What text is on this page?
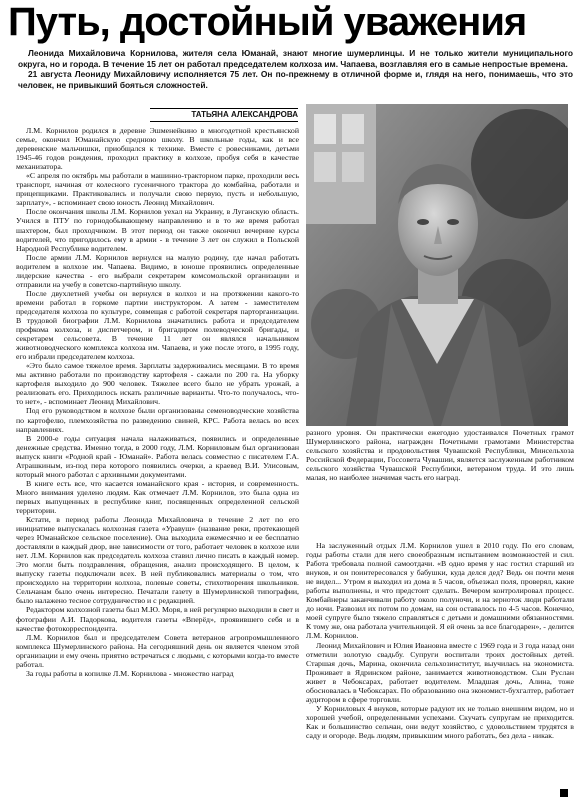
Путь, достойный уважения

Леонида Михайловича Корнилова, жителя села Юманай, знают многие шумерлинцы. И не только жители муниципального округа, но и города. В течение 15 лет он работал председателем колхоза им. Чапаева, возглавляя его в самые непростые времена.

21 августа Леониду Михайловичу исполняется 75 лет. Он по-прежнему в отличной форме и, глядя на него, понимаешь, что это человек, не привыкший бояться сложностей.

ТАТЬЯНА АЛЕКСАНДРОВА

Л.М. Корнилов родился в деревне Эшменейкино в многодетной крестьянской семье, окончил Юманайскую среднюю школу. В школьные годы, как и все деревенские мальчишки, приобщался к технике. Вместе с ровесниками, детьми 1945-46 годов рождения, проходил практику в колхозе, пробуя себя в качестве механизатора.

«С апреля по октябрь мы работали в машинно-тракторном парке, проходили весь транспорт, начиная от колесного гусеничного трактора до комбайна, работали и прицепщиками. Практиковались и получали свою первую, пусть и небольшую, зарплату», - вспоминает свою юность Леонид Михайлович.

После окончания школы Л.М. Корнилов уехал на Украину, в Луганскую область. Учился в ПТУ по горнодобывающему направлению и в то же время работал шахтером, был проходчиком. В этот период он также окончил вечерние курсы водителей, что пригодилось ему в армии - в течение 3 лет он служил в Польской Народной Республике водителем.

После армии Л.М. Корнилов вернулся на малую родину, где начал работать водителем в колхозе им. Чапаева. Видимо, в юноше проявились определенные лидерские качества - его выбрали секретарем комсомольской организации и отправили на учебу в советско-партийную школу.

После двухлетней учебы он вернулся в колхоз и на протяжении какого-то времени работал в горкоме партии инструктором. А затем - заместителем председателя колхоза по культуре, совмещая с работой секретаря парторганизации. В трудовой биографии Л.М. Корнилова значатились работа и председателем профкома колхоза, и диспетчером, и бригадиром полеводческой бригады, и секретарем сельсовета. В течение 11 лет он являлся начальником животноводческого комплекса колхоза им. Чапаева, и уже после этого, в 1995 году, его избрали председателем колхоза.

«Это было самое тяжелое время. Зарплаты задерживались месяцами. В то время мы активно работали по производству картофеля - сажали по 200 га. На уборку картофеля выходило до 900 человек. Тяжелее всего было не убрать урожай, а реализовать его. Приходилось искать различные варианты. Что-то получалось, что-то нет», - вспоминает Леонид Михайлович.

Под его руководством в колхозе были организованы семеноводческие хозяйства по картофелю, племхозяйства по разведению свиней, КРС. Работа велась во всех направлениях.

В 2000-е годы ситуация начала налаживаться, появились и определенные денежные средства. Именно тогда, в 2000 году, Л.М. Корниловым был организован выпуск книги «Родной край - Юманай». Работа велась совместно с писателем Г.А. Атрашкиным, из-под пера которого появились очерки, а краевед В.И. Улисовым, который много работал с архивными документами.

В книге есть все, что касается юманайского края - история, и современность. Много внимания уделено людям. Как отмечает Л.М. Корнилов, это была одна из первых выпущенных в республике книг, посвященных определенной сельской территории.

Кстати, в период работы Леонида Михайловича в течение 2 лет по его инициативе выпускалась колхозная газета «Уравуш» (название реки, протекающей через Юманайское сельское поселение). Она выходила ежемесячно и ее бесплатно доставляли в каждый двор, вне зависимости от того, работает человек в колхозе или нет. Л.М. Корнилов как председатель колхоза ставил лично писать в каждый номер. Это могли быть поздравления, обращения, анализ происходящего. В целом, к выпуску газеты подключали всех. В ней публиковались материалы о том, что происходило на территории колхоза, полевые советы, стихотворения школьников. Сельчанам было очень интересно. Печатали газету в Шумерлинской типографии, было налажено тесное сотрудничество и с редакцией.

Редактором колхозной газеты был М.Ю. Моря, в ней регулярно выходили в свет и фотографии А.И. Падоркова, водителя газеты «Вперёд», проявившего себя и в качестве фотокорреспондента.

Л.М. Корнилов был и председателем Совета ветеранов агропромышленного комплекса Шумерлинского района. На сегодняшний день он является членом этой организации и ему очень приятно встречаться с людьми, с которыми когда-то вместе работал.

За годы работы в копилке Л.М. Корнилова - множество наград

разного уровня. Он практически ежегодно удостаивался Почетных грамот Шумерлинского района, награжден Почетными грамотами Министерства сельского хозяйства и продовольствия Чувашской Республики, Минсельхоза Российской Федерации, Госсовета Чувашии, является заслуженным работником сельского хозяйства Чувашской Республики, ветераном труда. И это лишь малая, но наиболее значимая часть его наград.

На заслуженный отдых Л.М. Корнилов ушел в 2010 году. По его словам, годы работы стали для него своеобразным испытанием возможностей и сил. Работа требовала полной самоотдачи. «В одно время у нас гостил старший из внуков, и он поинтересовался у бабушки, куда делся дед? Ведь он почти меня не видел... Утром я выходил из дома в 5 часов, объезжал поля, проверял, какие работы выполнены, и что предстоит сделать. Вечером контролировал процесс. Комбайнеры заканчивали работу около полуночи, и на зерноток люди работали до ночи. Развозил их потом по домам, на сон оставалось по 4-5 часов. Конечно, моей супруге было тяжело справляться с детьми и домашними обязанностями. К тому же, она работала учительницей. Я ей очень за все благодарен», - делится Л.М. Корнилов.

Леонид Михайлович и Юлия Ивановна вместе с 1969 года и 3 года назад они отметили золотую свадьбу. Супруги воспитали троих достойных детей. Старшая дочь, Марина, окончила сельхозинститут, выучилась на экономиста. Проживает в Ядринском районе, занимается животноводством. Сын Руслан живет в Чебоксарах, работает водителем. Младшая дочь, Алина, тоже обосновалась в Чебоксарах. По образованию она экономист-бухгалтер, работает аудитором в сфере торговли.

У Корниловых 4 внуков, которые радуют их не только внешним видом, но и хорошей учебой, определенными успехами. Скучать супругам не приходится. Как и большинство сельчан, они ведут хозяйство, с удовольствием трудятся в саду и огороде. Ведь людям, привыкшим много работать, без дела - никак.
